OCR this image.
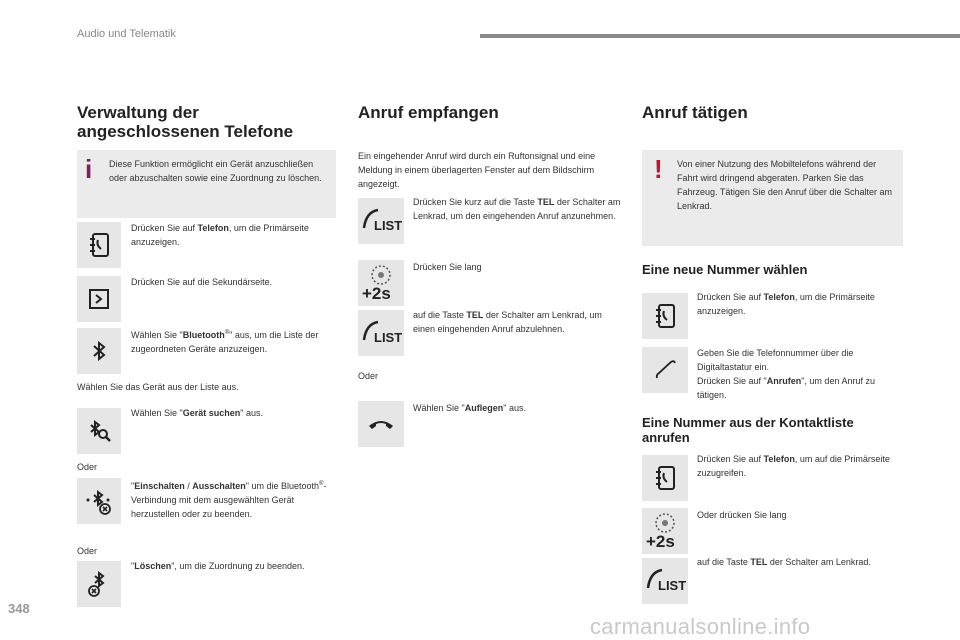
Audio und Telematik
Verwaltung der angeschlossenen Telefone
i Diese Funktion ermöglicht ein Gerät anzuschließen oder abzuschalten sowie eine Zuordnung zu löschen.
Drücken Sie auf Telefon, um die Primärseite anzuzeigen.
Drücken Sie auf die Sekundärseite.
Wählen Sie "Bluetooth®" aus, um die Liste der zugeordneten Geräte anzuzeigen.
Wählen Sie das Gerät aus der Liste aus.
Wählen Sie "Gerät suchen" aus.
Oder
"Einschalten / Ausschalten" um die Bluetooth®-Verbindung mit dem ausgewählten Gerät herzustellen oder zu beenden.
Oder
"Löschen", um die Zuordnung zu beenden.
Anruf empfangen
Ein eingehender Anruf wird durch ein Ruftonsignal und eine Meldung in einem überlagerten Fenster auf dem Bildschirm angezeigt.
LIST
Drücken Sie kurz auf die Taste TEL der Schalter am Lenkrad, um den eingehenden Anruf anzunehmen.
+2s
Drücken Sie lang
LIST
auf die Taste TEL der Schalter am Lenkrad, um einen eingehenden Anruf abzulehnen.
Oder
Wählen Sie "Auflegen" aus.
Anruf tätigen
! Von einer Nutzung des Mobiltelefons während der Fahrt wird dringend abgeraten. Parken Sie das Fahrzeug. Tätigen Sie den Anruf über die Schalter am Lenkrad.
Eine neue Nummer wählen
Drücken Sie auf Telefon, um die Primärseite anzuzeigen.
Geben Sie die Telefonnummer über die Digitaltastatur ein.
Drücken Sie auf "Anrufen", um den Anruf zu tätigen.
Eine Nummer aus der Kontaktliste anrufen
Drücken Sie auf Telefon, um auf die Primärseite zuzugreifen.
+2s
Oder drücken Sie lang
LIST
auf die Taste TEL der Schalter am Lenkrad.
348
carmanualsonline.info
